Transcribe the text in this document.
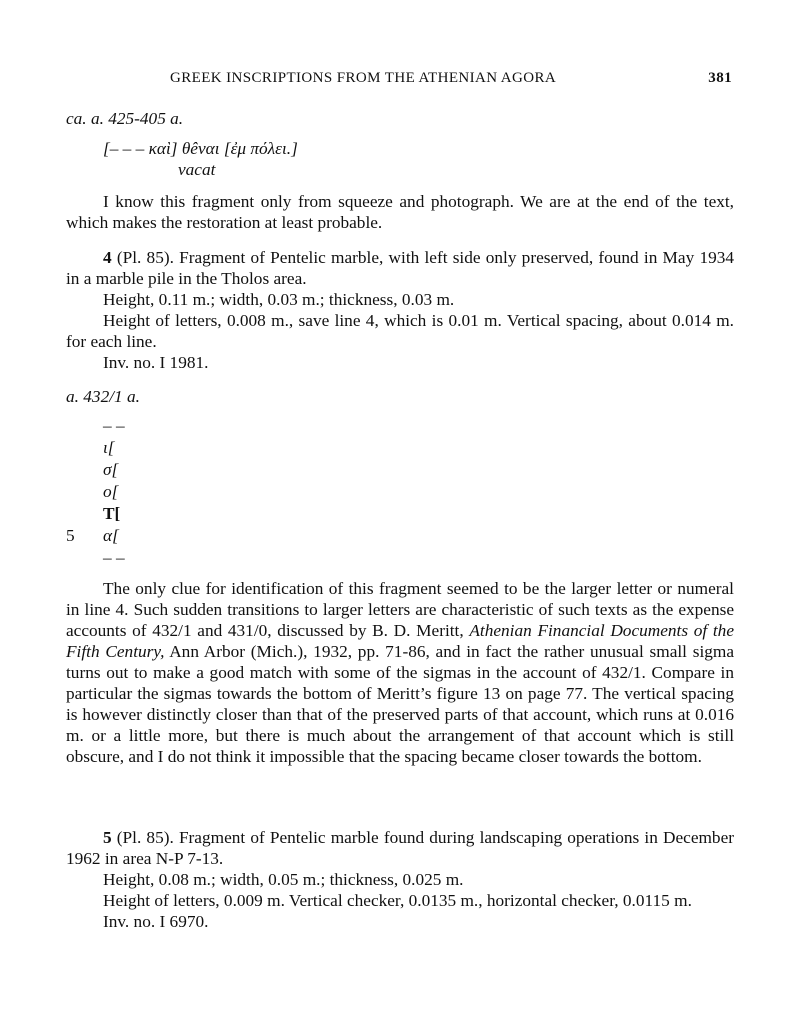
GREEK INSCRIPTIONS FROM THE ATHENIAN AGORA	381

ca. a. 425-405 a.

[– – – καὶ] θêναι [ἐμ πόλει.]

vacat

I know this fragment only from squeeze and photograph. We are at the end of the text, which makes the restoration at least probable.

4 (Pl. 85). Fragment of Pentelic marble, with left side only preserved, found in May 1934 in a marble pile in the Tholos area.

Height, 0.11 m.; width, 0.03 m.; thickness, 0.03 m.

Height of letters, 0.008 m., save line 4, which is 0.01 m. Vertical spacing, about 0.014 m. for each line.

Inv. no. I 1981.

a. 432/1 a.

– –
ι[
σ[
ο[
T[
5 α[
– –

The only clue for identification of this fragment seemed to be the larger letter or numeral in line 4. Such sudden transitions to larger letters are characteristic of such texts as the expense accounts of 432/1 and 431/0, discussed by B. D. Meritt, Athenian Financial Documents of the Fifth Century, Ann Arbor (Mich.), 1932, pp. 71-86, and in fact the rather unusual small sigma turns out to make a good match with some of the sigmas in the account of 432/1. Compare in particular the sigmas towards the bottom of Meritt’s figure 13 on page 77. The vertical spacing is however distinctly closer than that of the preserved parts of that account, which runs at 0.016 m. or a little more, but there is much about the arrangement of that account which is still obscure, and I do not think it impossible that the spacing became closer towards the bottom.

5 (Pl. 85). Fragment of Pentelic marble found during landscaping operations in December 1962 in area N-P 7-13.

Height, 0.08 m.; width, 0.05 m.; thickness, 0.025 m.

Height of letters, 0.009 m. Vertical checker, 0.0135 m., horizontal checker, 0.0115 m.

Inv. no. I 6970.
